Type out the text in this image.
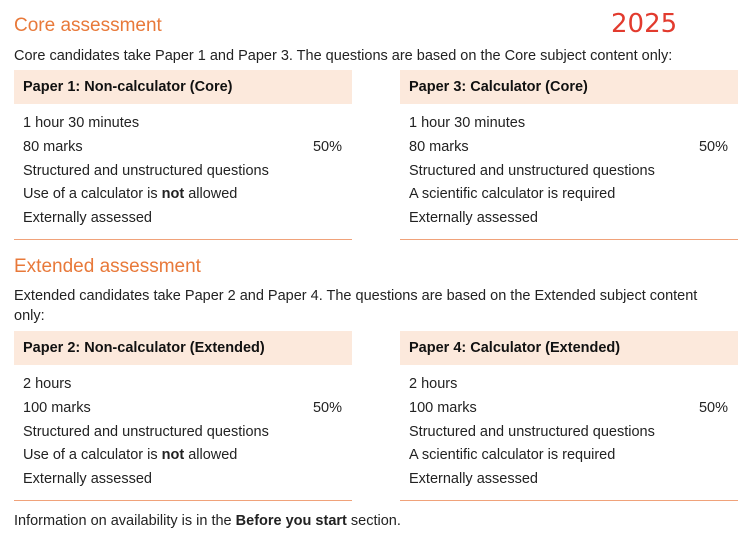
Core assessment	2025

Core candidates take Paper 1 and Paper 3. The questions are based on the Core subject content only:

Paper 1: Non-calculator (Core)
1 hour 30 minutes
80 marks	50%
Structured and unstructured questions
Use of a calculator is not allowed
Externally assessed
Paper 3: Calculator (Core)
1 hour 30 minutes
80 marks	50%
Structured and unstructured questions
A scientific calculator is required
Externally assessed
Extended assessment

Extended candidates take Paper 2 and Paper 4. The questions are based on the Extended subject content only:

Paper 2: Non-calculator (Extended)
2 hours
100 marks	50%
Structured and unstructured questions
Use of a calculator is not allowed
Externally assessed
Paper 4: Calculator (Extended)
2 hours
100 marks	50%
Structured and unstructured questions
A scientific calculator is required
Externally assessed

Information on availability is in the Before you start section.
